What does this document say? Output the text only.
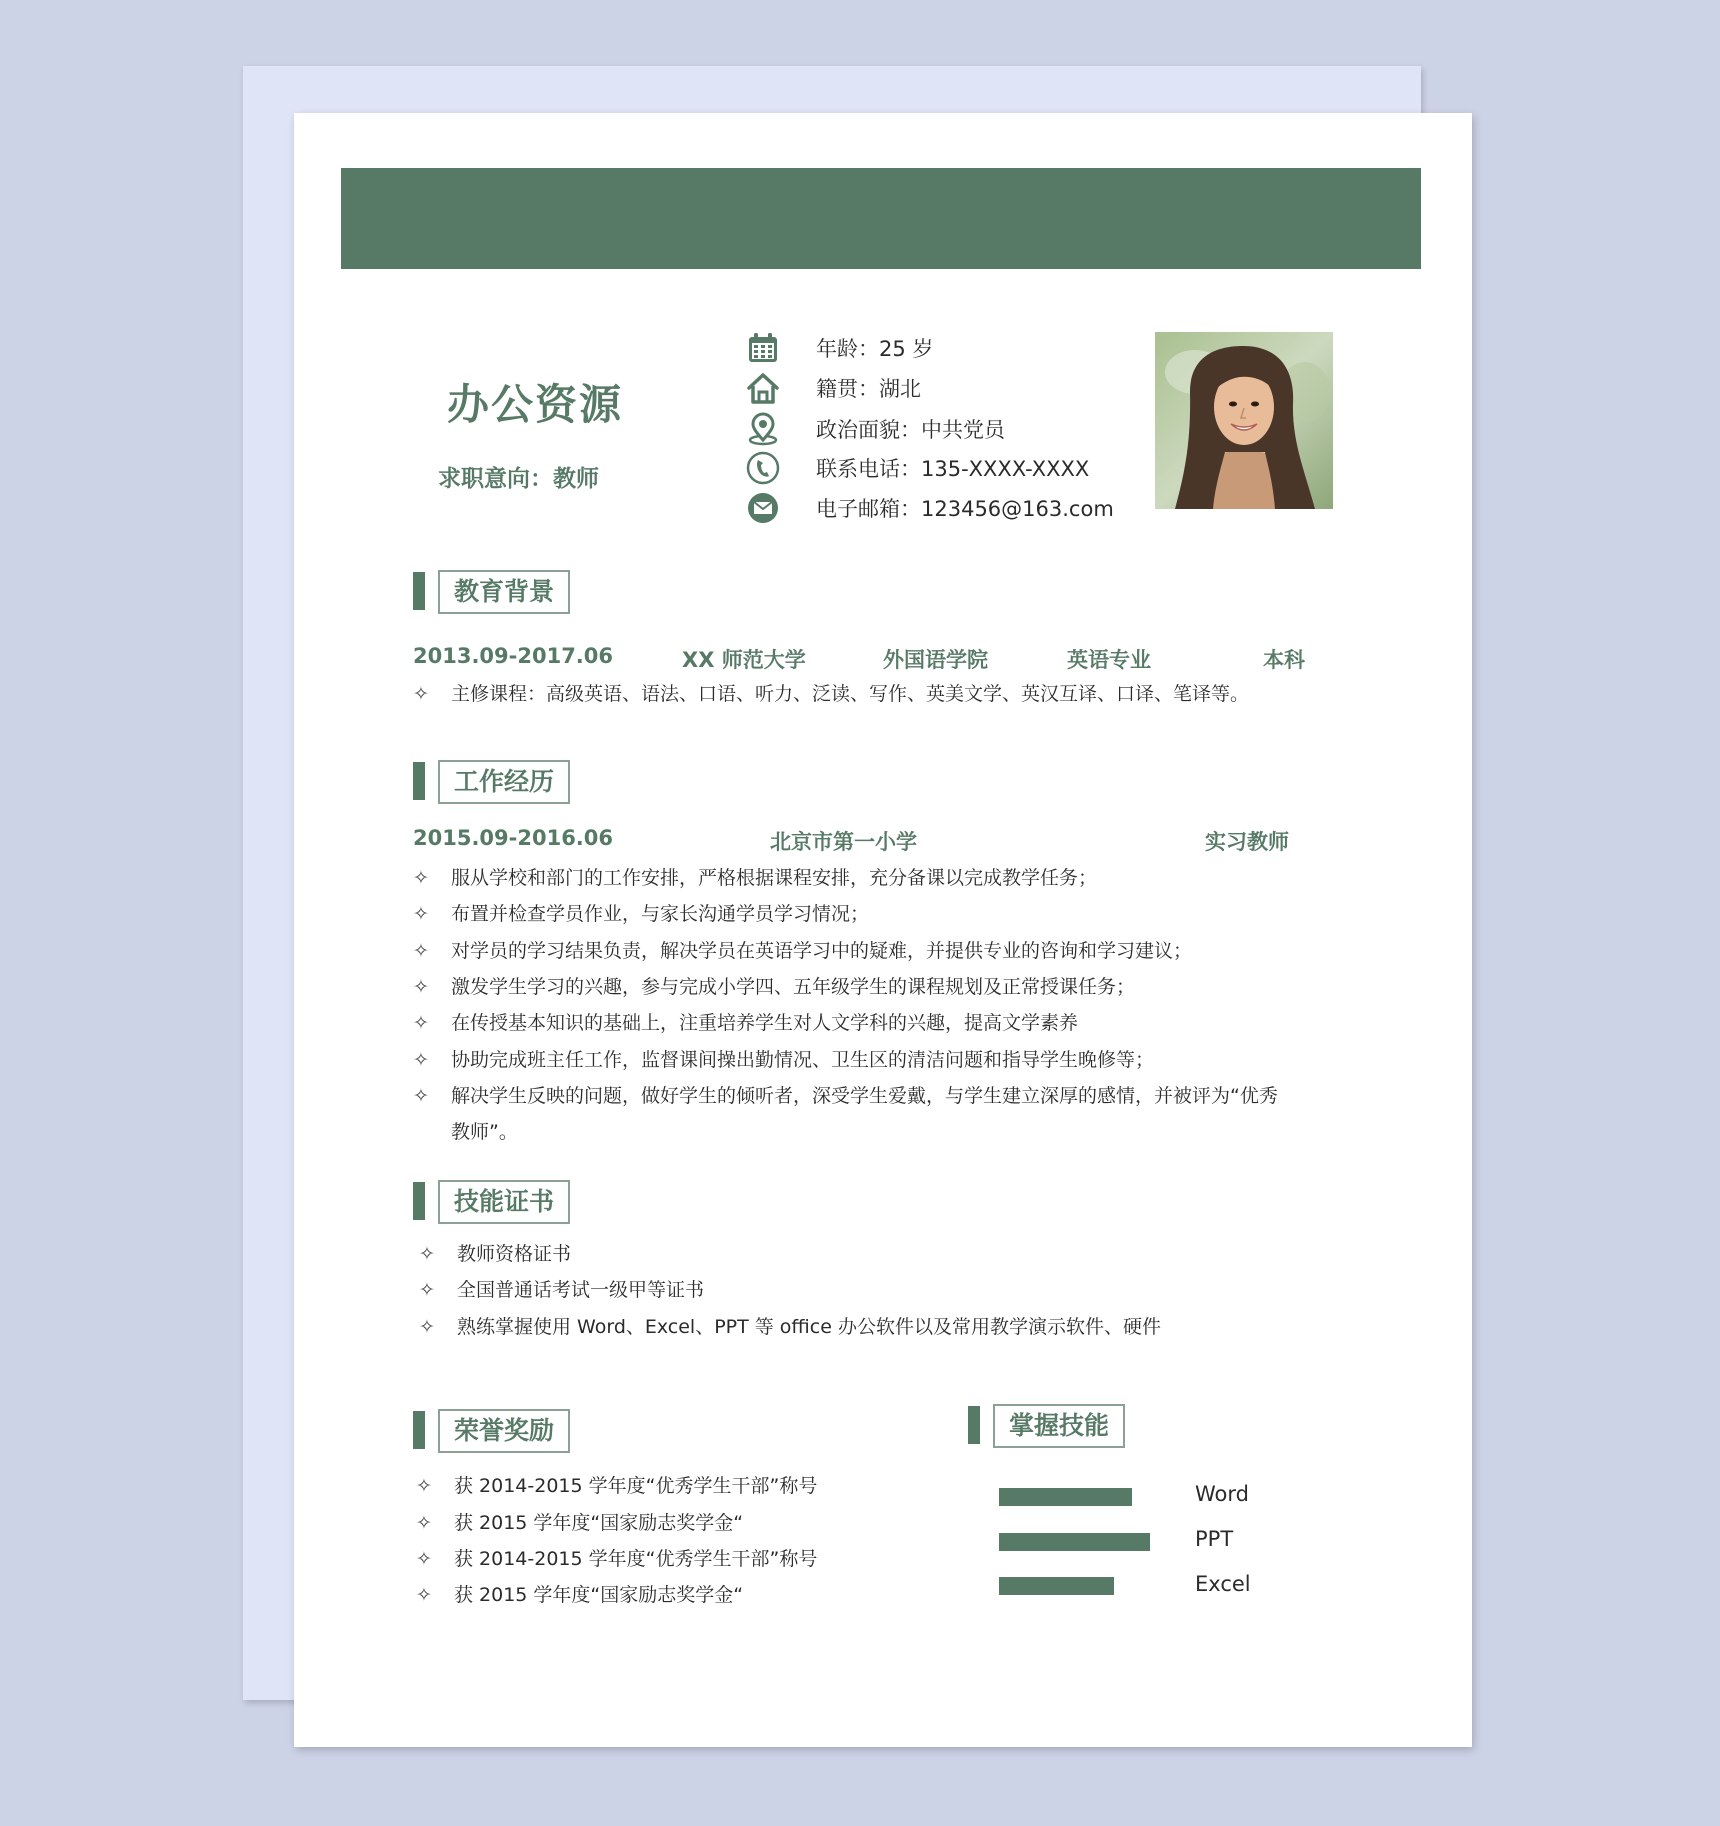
办公资源
求职意向：教师
年龄：25 岁
籍贯：湖北
政治面貌：中共党员
联系电话：135-XXXX-XXXX
电子邮箱：123456@163.com
教育背景
2013.09-2017.06	XX 师范大学	外国语学院	英语专业	本科
✧ 主修课程：高级英语、语法、口语、听力、泛读、写作、英美文学、英汉互译、口译、笔译等。
工作经历
2015.09-2016.06	北京市第一小学	实习教师
✧ 服从学校和部门的工作安排，严格根据课程安排，充分备课以完成教学任务；
✧ 布置并检查学员作业，与家长沟通学员学习情况；
✧ 对学员的学习结果负责，解决学员在英语学习中的疑难，并提供专业的咨询和学习建议；
✧ 激发学生学习的兴趣，参与完成小学四、五年级学生的课程规划及正常授课任务；
✧ 在传授基本知识的基础上，注重培养学生对人文学科的兴趣，提高文学素养
✧ 协助完成班主任工作，监督课间操出勤情况、卫生区的清洁问题和指导学生晚修等；
✧ 解决学生反映的问题，做好学生的倾听者，深受学生爱戴，与学生建立深厚的感情，并被评为“优秀
教师”。
技能证书
✧ 教师资格证书
✧ 全国普通话考试一级甲等证书
✧ 熟练掌握使用 Word、Excel、PPT 等 office 办公软件以及常用教学演示软件、硬件
荣誉奖励
✧ 获 2014-2015 学年度“优秀学生干部”称号
✧ 获 2015 学年度“国家励志奖学金“
✧ 获 2014-2015 学年度“优秀学生干部”称号
✧ 获 2015 学年度“国家励志奖学金“
掌握技能
Word
PPT
Excel
